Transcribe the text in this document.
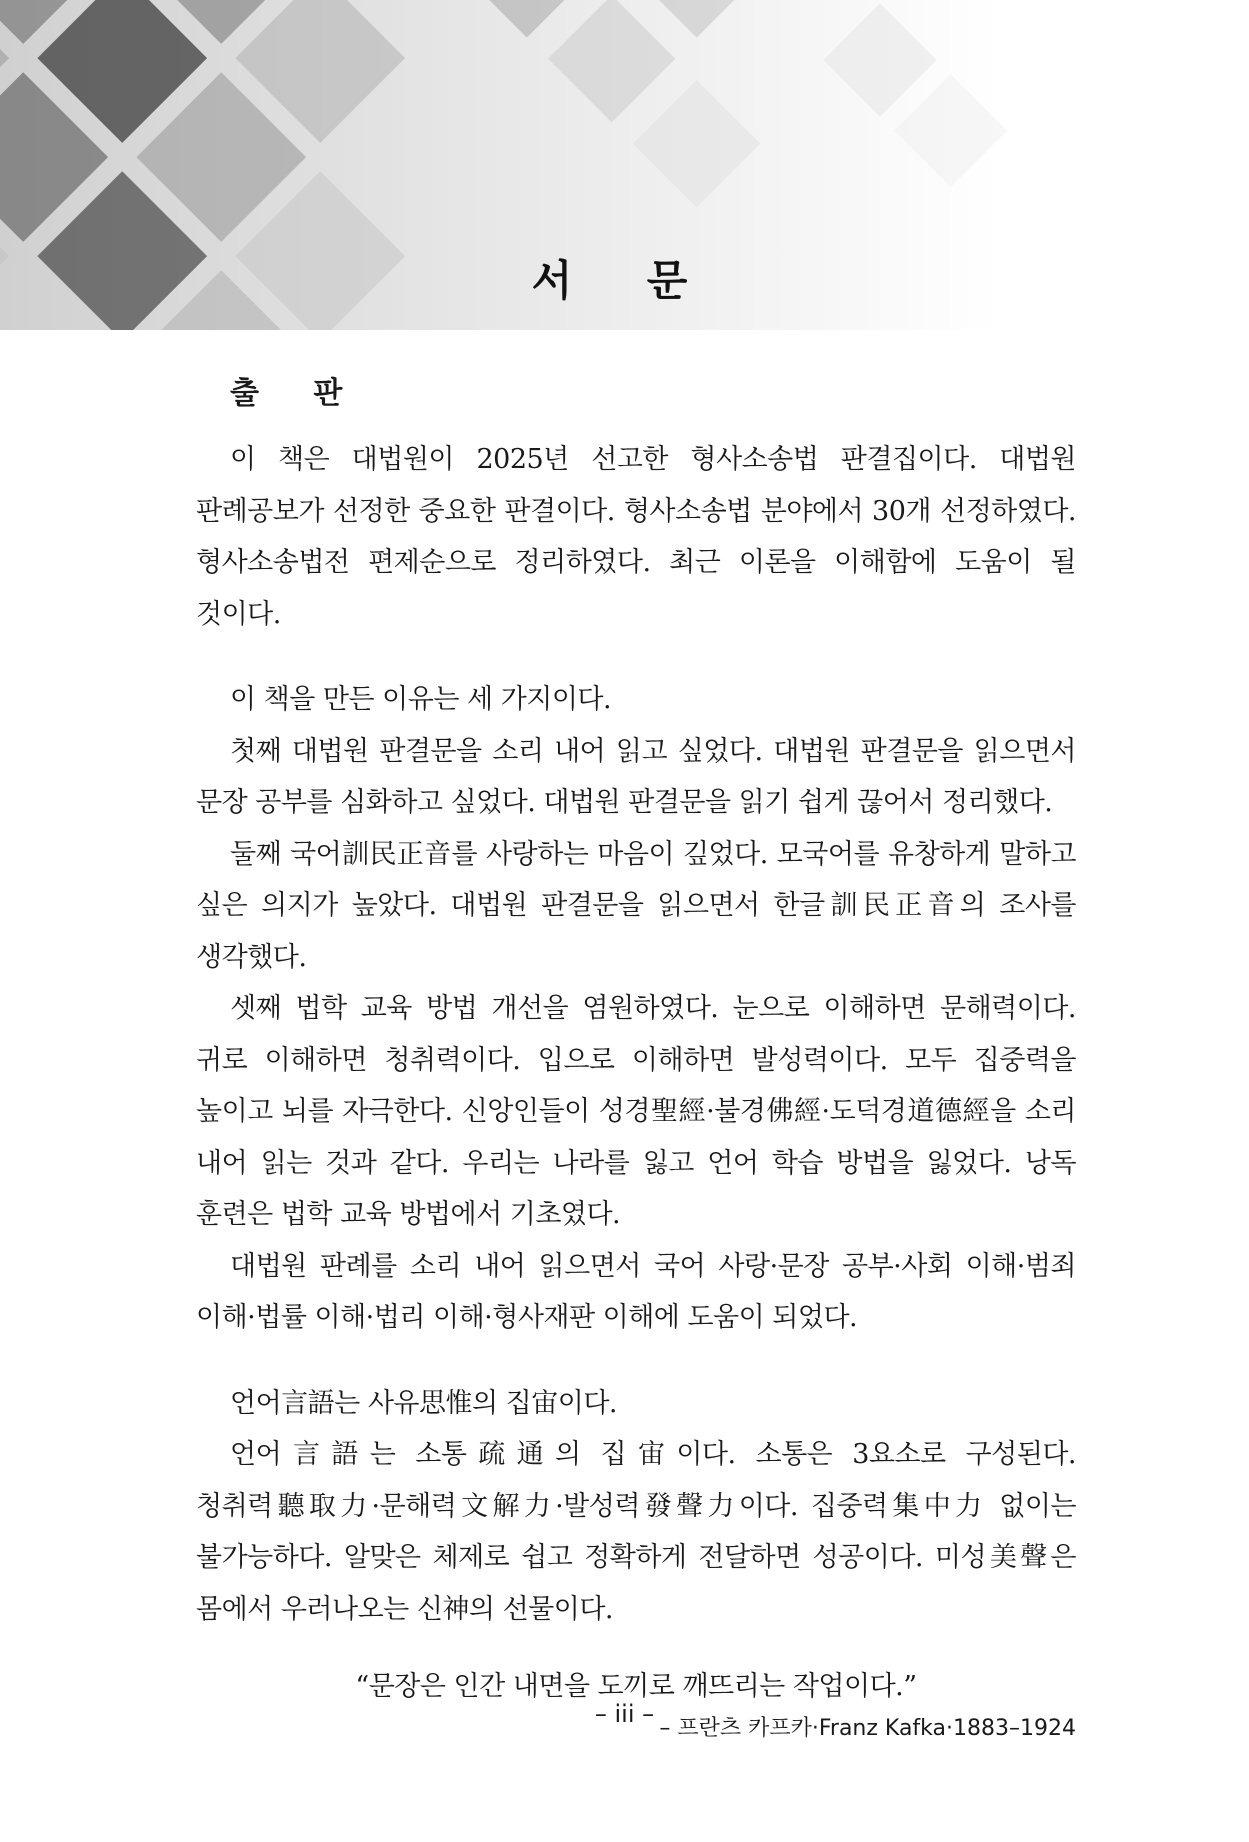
서 문
출 판

이 책은 대법원이 2025년 선고한 형사소송법 판결집이다. 대법원 판례공보가 선정한 중요한 판결이다. 형사소송법 분야에서 30개 선정하였다. 형사소송법전 편제순으로 정리하였다. 최근 이론을 이해함에 도움이 될 것이다.

이 책을 만든 이유는 세 가지이다.

첫째 대법원 판결문을 소리 내어 읽고 싶었다. 대법원 판결문을 읽으면서 문장 공부를 심화하고 싶었다. 대법원 판결문을 읽기 쉽게 끊어서 정리했다.

둘째 국어訓民正音를 사랑하는 마음이 깊었다. 모국어를 유창하게 말하고 싶은 의지가 높았다. 대법원 판결문을 읽으면서 한글訓民正音의 조사를 생각했다.

셋째 법학 교육 방법 개선을 염원하였다. 눈으로 이해하면 문해력이다. 귀로 이해하면 청취력이다. 입으로 이해하면 발성력이다. 모두 집중력을 높이고 뇌를 자극한다. 신앙인들이 성경聖經·불경佛經·도덕경道德經을 소리 내어 읽는 것과 같다. 우리는 나라를 잃고 언어 학습 방법을 잃었다. 낭독 훈련은 법학 교육 방법에서 기초였다.

대법원 판례를 소리 내어 읽으면서 국어 사랑·문장 공부·사회 이해·범죄 이해·법률 이해·법리 이해·형사재판 이해에 도움이 되었다.

언어言語는 사유思惟의 집宙이다.

언어言語는 소통疏通의 집宙이다. 소통은 3요소로 구성된다. 청취력聽取力·문해력文解力·발성력發聲力이다. 집중력集中力 없이는 불가능하다. 알맞은 체제로 쉽고 정확하게 전달하면 성공이다. 미성美聲은 몸에서 우러나오는 신神의 선물이다.

“문장은 인간 내면을 도끼로 깨뜨리는 작업이다.”
– 프란츠 카프카·Franz Kafka·1883–1924
– iii –
